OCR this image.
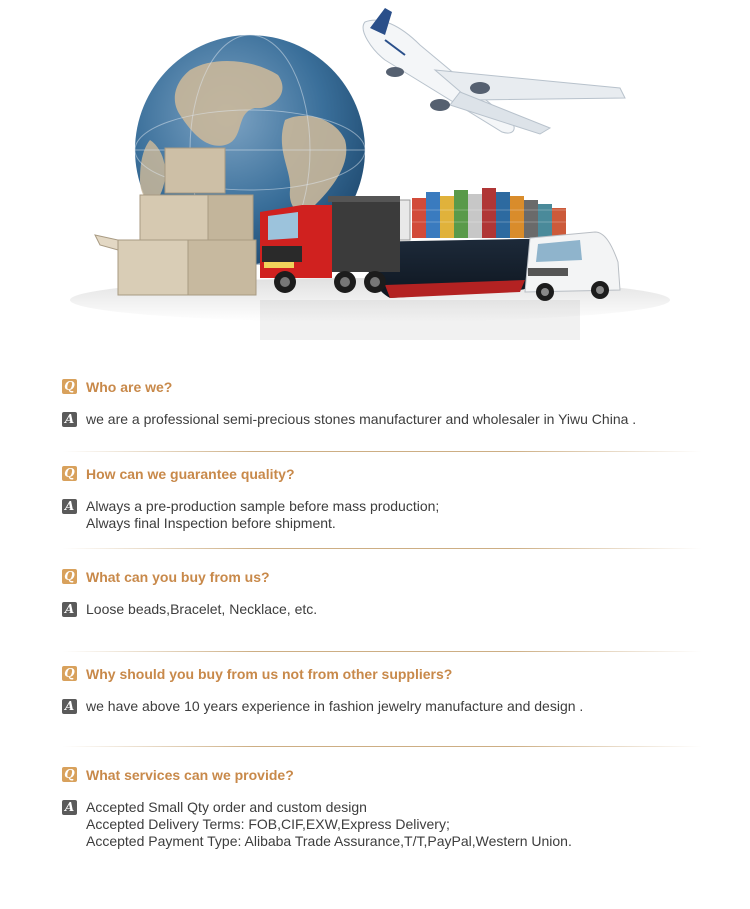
Q Who are we?
A we are a professional semi-precious stones manufacturer and wholesaler in Yiwu China .
Q How can we guarantee quality?
A Always a pre-production sample before mass production;
Always final Inspection before shipment.
Q What can you buy from us?
A Loose beads,Bracelet, Necklace, etc.
Q Why should you buy from us not from other suppliers?
A we have above 10 years experience in fashion jewelry manufacture and design .
Q What services can we provide?
A Accepted Small Qty order and custom design
Accepted Delivery Terms: FOB,CIF,EXW,Express Delivery;
Accepted Payment Type: Alibaba Trade Assurance,T/T,PayPal,Western Union.
